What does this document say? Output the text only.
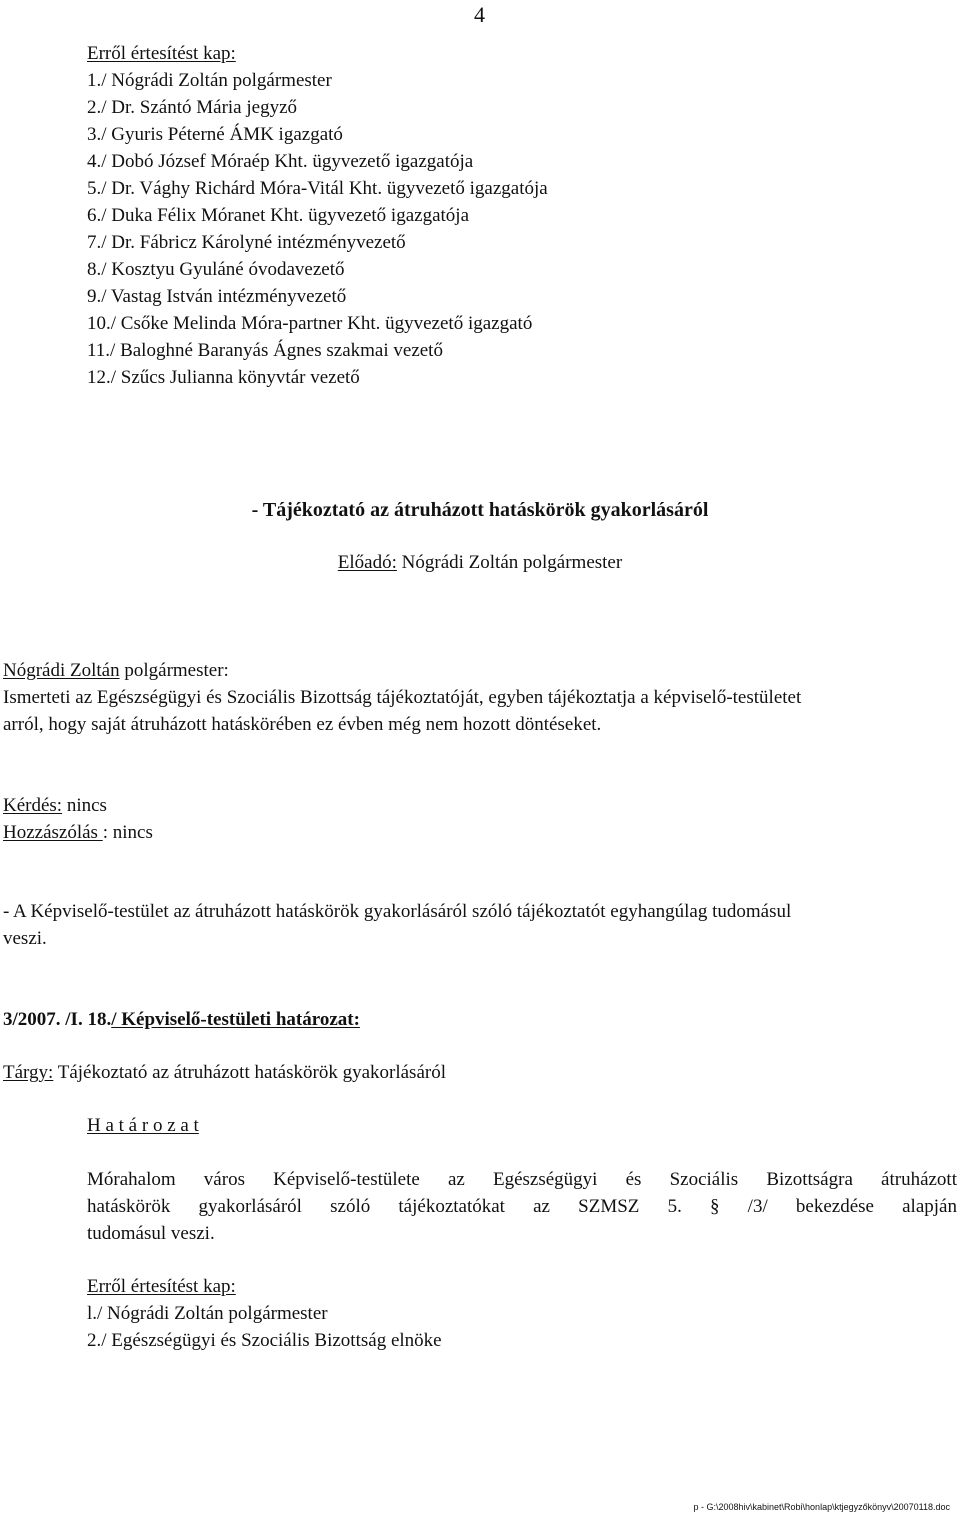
4
Erről értesítést kap:
1./ Nógrádi Zoltán polgármester
2./ Dr. Szántó Mária jegyző
3./ Gyuris Péterné ÁMK igazgató
4./ Dobó József Móraép Kht. ügyvezető igazgatója
5./ Dr. Vághy Richárd Móra-Vitál Kht. ügyvezető igazgatója
6./ Duka Félix Móranet Kht. ügyvezető igazgatója
7./ Dr. Fábricz Károlyné intézményvezető
8./ Kosztyu Gyuláné óvodavezető
9./ Vastag István intézményvezető
10./ Csőke Melinda Móra-partner Kht. ügyvezető igazgató
11./ Baloghné Baranyás Ágnes szakmai vezető
12./ Szűcs Julianna könyvtár vezető
- Tájékoztató az átruházott hatáskörök gyakorlásáról
Előadó: Nógrádi Zoltán polgármester
Nógrádi Zoltán polgármester:
Ismerteti az Egészségügyi és Szociális Bizottság tájékoztatóját, egyben tájékoztatja a képviselő-testületet
arról, hogy saját átruházott hatáskörében ez évben még nem hozott döntéseket.
Kérdés: nincs
Hozzászólás : nincs
- A Képviselő-testület az átruházott hatáskörök gyakorlásáról szóló tájékoztatót egyhangúlag tudomásul
veszi.
3/2007. /I. 18./ Képviselő-testületi határozat:
Tárgy: Tájékoztató az átruházott hatáskörök gyakorlásáról
H a t á r o z a t
Mórahalom város Képviselő-testülete az Egészségügyi és Szociális Bizottságra átruházott
hatáskörök gyakorlásáról szóló tájékoztatókat az SZMSZ 5. § /3/ bekezdése alapján
tudomásul veszi.
Erről értesítést kap:
l./ Nógrádi Zoltán polgármester
2./ Egészségügyi és Szociális Bizottság elnöke
p - G:\2008hiv\kabinet\Robi\honlap\ktjegyzőkönyv\20070118.doc
